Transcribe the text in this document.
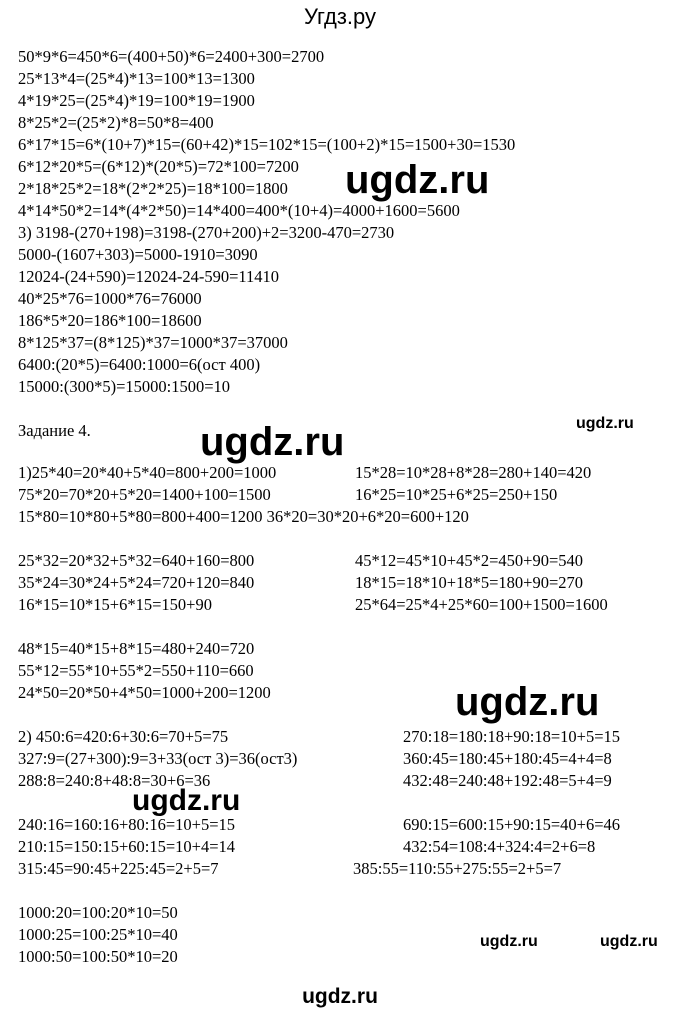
Угдз.ру
50*9*6=450*6=(400+50)*6=2400+300=2700
25*13*4=(25*4)*13=100*13=1300
4*19*25=(25*4)*19=100*19=1900
8*25*2=(25*2)*8=50*8=400
6*17*15=6*(10+7)*15=(60+42)*15=102*15=(100+2)*15=1500+30=1530
6*12*20*5=(6*12)*(20*5)=72*100=7200
2*18*25*2=18*(2*2*25)=18*100=1800
4*14*50*2=14*(4*2*50)=14*400=400*(10+4)=4000+1600=5600
3) 3198-(270+198)=3198-(270+200)+2=3200-470=2730
5000-(1607+303)=5000-1910=3090
12024-(24+590)=12024-24-590=11410
40*25*76=1000*76=76000
186*5*20=186*100=18600
8*125*37=(8*125)*37=1000*37=37000
6400:(20*5)=6400:1000=6(ост 400)
15000:(300*5)=15000:1500=10
Задание 4.
1)25*40=20*40+5*40=800+200=1000
75*20=70*20+5*20=1400+100=1500
15*80=10*80+5*80=800+400=1200 36*20=30*20+6*20=600+120
15*28=10*28+8*28=280+140=420
16*25=10*25+6*25=250+150
25*32=20*32+5*32=640+160=800
35*24=30*24+5*24=720+120=840
16*15=10*15+6*15=150+90
45*12=45*10+45*2=450+90=540
18*15=18*10+18*5=180+90=270
25*64=25*4+25*60=100+1500=1600
48*15=40*15+8*15=480+240=720
55*12=55*10+55*2=550+110=660
24*50=20*50+4*50=1000+200=1200
2) 450:6=420:6+30:6=70+5=75
327:9=(27+300):9=3+33(ост 3)=36(ост3)
288:8=240:8+48:8=30+6=36
270:18=180:18+90:18=10+5=15
360:45=180:45+180:45=4+4=8
432:48=240:48+192:48=5+4=9
240:16=160:16+80:16=10+5=15
210:15=150:15+60:15=10+4=14
315:45=90:45+225:45=2+5=7
690:15=600:15+90:15=40+6=46
432:54=108:4+324:4=2+6=8
385:55=110:55+275:55=2+5=7
1000:20=100:20*10=50
1000:25=100:25*10=40
1000:50=100:50*10=20
ugdz.ru
ugdz.ru
ugdz.ru
ugdz.ru
ugdz.ru
ugdz.ru	ugdz.ru
ugdz.ru
